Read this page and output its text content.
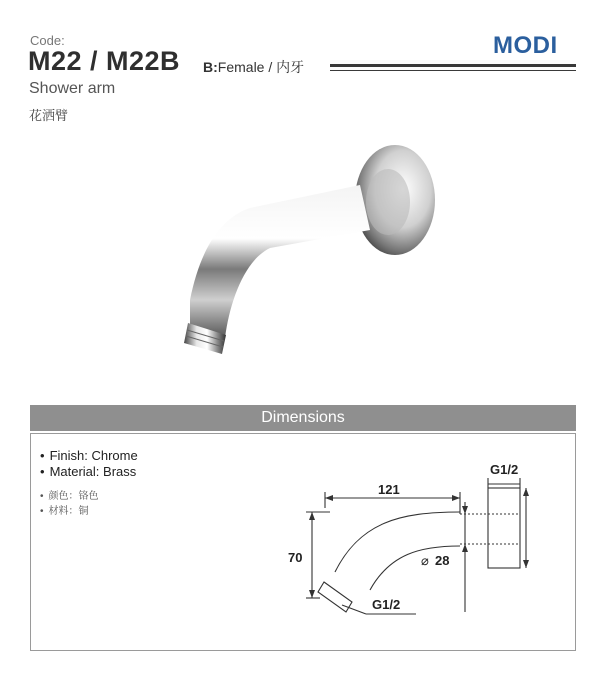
Code:
M22 / M22B B:Female / 内牙
MODI
Shower arm
花洒臂
Dimensions
• Finish: Chrome
• Material: Brass
• 颜色：铬色
• 材料：铜
121
70	⌀ 28
G1/2
G1/2
